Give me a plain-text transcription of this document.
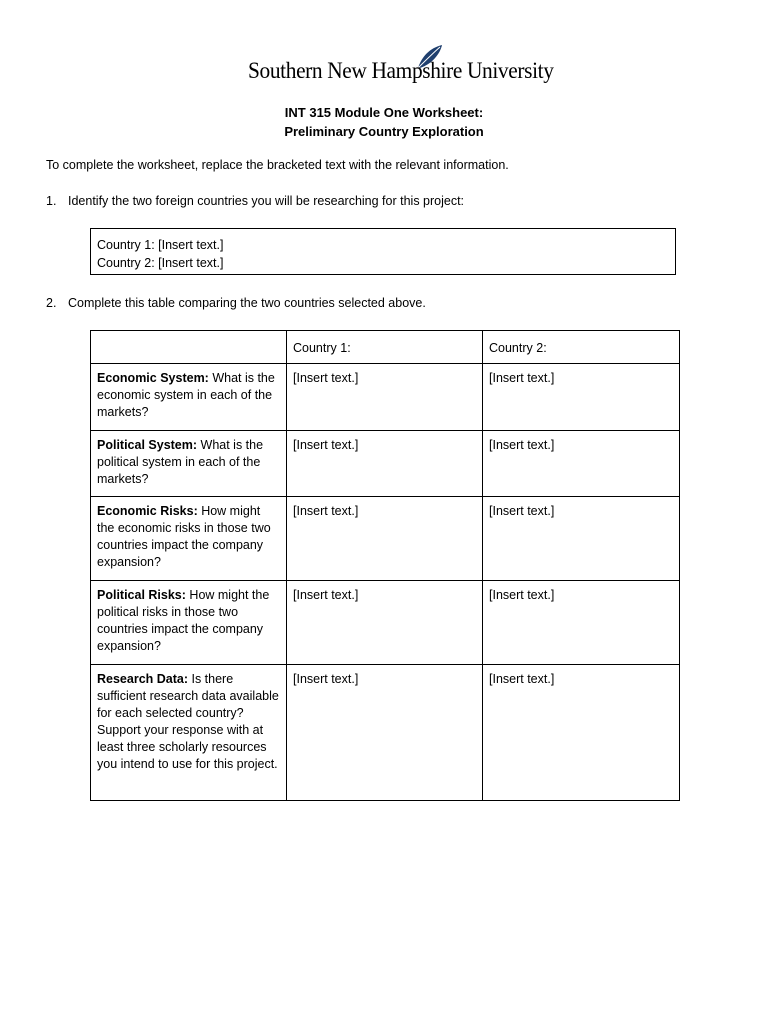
Southern New Hampshire University
INT 315 Module One Worksheet:
Preliminary Country Exploration
To complete the worksheet, replace the bracketed text with the relevant information.
1. Identify the two foreign countries you will be researching for this project:
Country 1: [Insert text.]
Country 2: [Insert text.]
2. Complete this table comparing the two countries selected above.
	Country 1:	Country 2:
Economic System: What is the economic system in each of the markets?	[Insert text.]	[Insert text.]
Political System: What is the political system in each of the markets?	[Insert text.]	[Insert text.]
Economic Risks: How might the economic risks in those two countries impact the company expansion?	[Insert text.]	[Insert text.]
Political Risks: How might the political risks in those two countries impact the company expansion?	[Insert text.]	[Insert text.]
Research Data: Is there sufficient research data available for each selected country? Support your response with at least three scholarly resources you intend to use for this project.	[Insert text.]	[Insert text.]
